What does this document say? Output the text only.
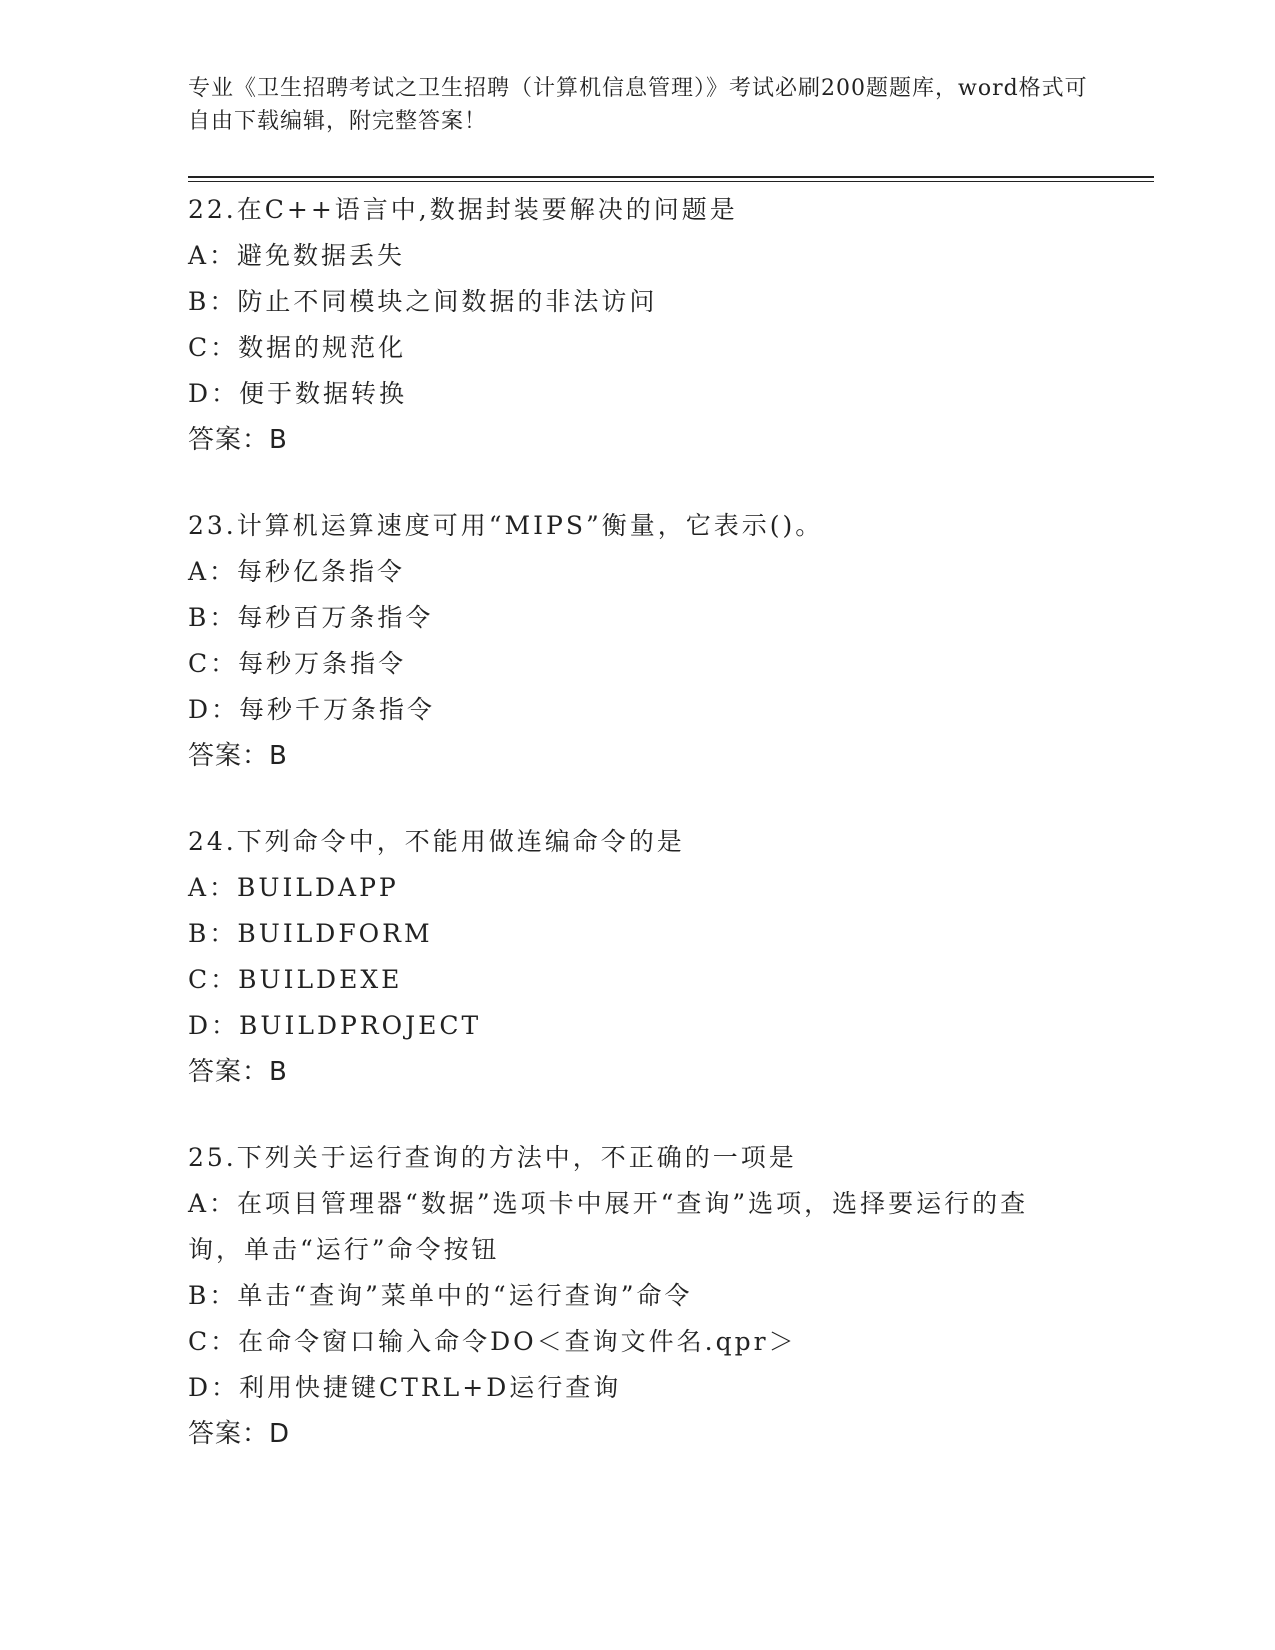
专业《卫生招聘考试之卫生招聘（计算机信息管理）》考试必刷200题题库，word格式可自由下载编辑，附完整答案！
22.在C++语言中,数据封装要解决的问题是
A：避免数据丢失
B：防止不同模块之间数据的非法访问
C：数据的规范化
D：便于数据转换
答案：B
23.计算机运算速度可用“MIPS”衡量，它表示()。
A：每秒亿条指令
B：每秒百万条指令
C：每秒万条指令
D：每秒千万条指令
答案：B
24.下列命令中，不能用做连编命令的是
A：BUILDAPP
B：BUILDFORM
C：BUILDEXE
D：BUILDPROJECT
答案：B
25.下列关于运行查询的方法中，不正确的一项是
A：在项目管理器“数据”选项卡中展开“查询”选项，选择要运行的查询，单击“运行”命令按钮
B：单击“查询”菜单中的“运行查询”命令
C：在命令窗口输入命令DO＜查询文件名.qpr＞
D：利用快捷键CTRL+D运行查询
答案：D
